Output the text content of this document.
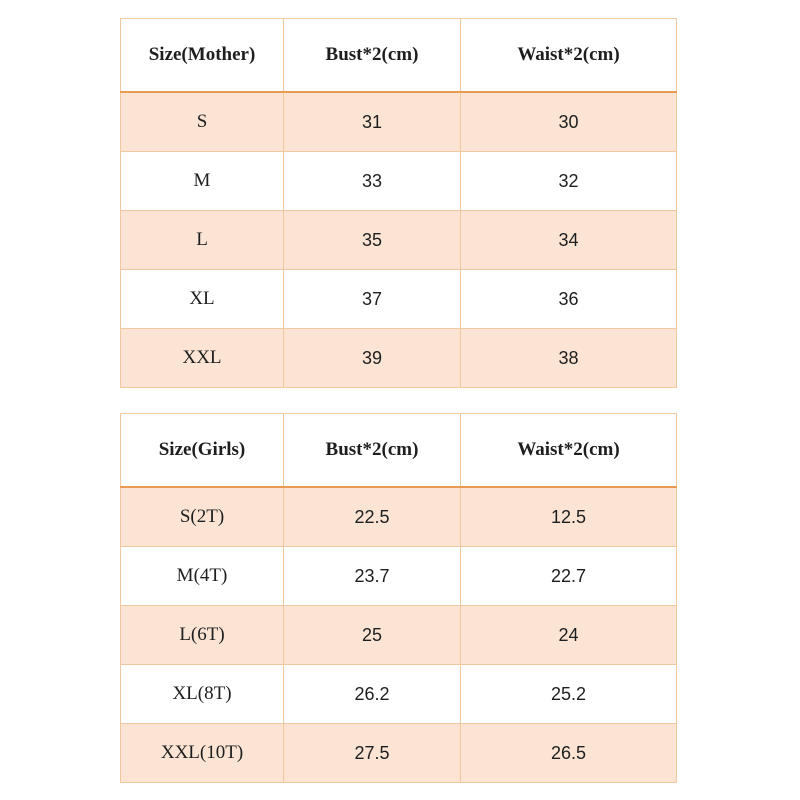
Size(Mother)	Bust*2(cm)	Waist*2(cm)
S	31	30
M	33	32
L	35	34
XL	37	36
XXL	39	38
Size(Girls)	Bust*2(cm)	Waist*2(cm)
S(2T)	22.5	12.5
M(4T)	23.7	22.7
L(6T)	25	24
XL(8T)	26.2	25.2
XXL(10T)	27.5	26.5
